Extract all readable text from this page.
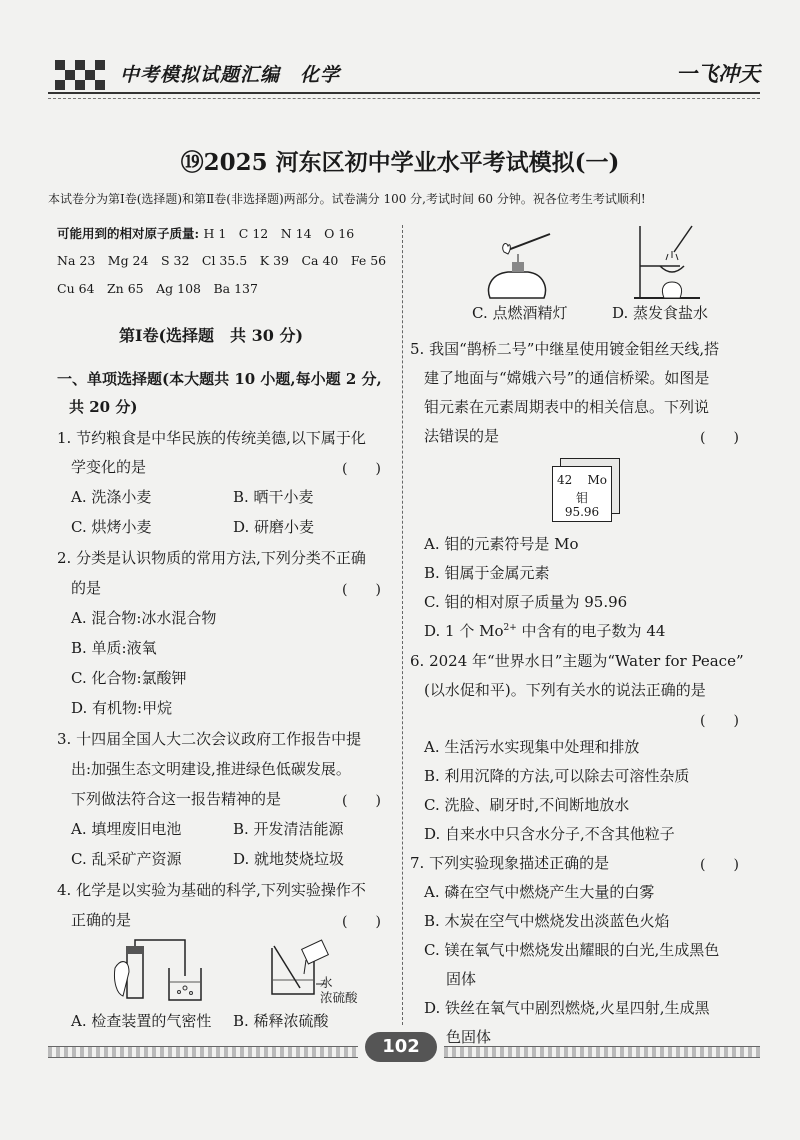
中考模拟试题汇编　化学	一飞冲天
⑲2025 河东区初中学业水平考试模拟(一)
本试卷分为第Ⅰ卷(选择题)和第Ⅱ卷(非选择题)两部分。试卷满分 100 分,考试时间 60 分钟。祝各位考生考试顺利!
可能用到的相对原子质量: H 1　C 12　N 14　O 16
Na 23　Mg 24　S 32　Cl 35.5　K 39　Ca 40　Fe 56
Cu 64　Zn 65　Ag 108　Ba 137
第Ⅰ卷(选择题　共 30 分)
一、单项选择题(本大题共 10 小题,每小题 2 分,
共 20 分)
1. 节约粮食是中华民族的传统美德,以下属于化
学变化的是	(　　)
A. 洗涤小麦	B. 晒干小麦
C. 烘烤小麦	D. 研磨小麦
2. 分类是认识物质的常用方法,下列分类不正确
的是	(　　)
A. 混合物:冰水混合物
B. 单质:液氧
C. 化合物:氯酸钾
D. 有机物:甲烷
3. 十四届全国人大二次会议政府工作报告中提
出:加强生态文明建设,推进绿色低碳发展。
下列做法符合这一报告精神的是	(　　)
A. 填埋废旧电池	B. 开发清洁能源
C. 乱采矿产资源	D. 就地焚烧垃圾
4. 化学是以实验为基础的科学,下列实验操作不
正确的是	(　　)
A. 检查装置的气密性
水
浓硫酸
B. 稀释浓硫酸
C. 点燃酒精灯	D. 蒸发食盐水
5. 我国“鹊桥二号”中继星使用镀金钼丝天线,搭
建了地面与“嫦娥六号”的通信桥梁。如图是
钼元素在元素周期表中的相关信息。下列说
法错误的是	(　　)
42 Mo
钼
95.96
A. 钼的元素符号是 Mo
B. 钼属于金属元素
C. 钼的相对原子质量为 95.96
D. 1 个 $Mo^{2+}$ 中含有的电子数为 44
6. 2024 年“世界水日”主题为“Water for Peace”
(以水促和平)。下列有关水的说法正确的是
(　　)
A. 生活污水实现集中处理和排放
B. 利用沉降的方法,可以除去可溶性杂质
C. 洗脸、刷牙时,不间断地放水
D. 自来水中只含水分子,不含其他粒子
7. 下列实验现象描述正确的是	(　　)
A. 磷在空气中燃烧产生大量的白雾
B. 木炭在空气中燃烧发出淡蓝色火焰
C. 镁在氧气中燃烧发出耀眼的白光,生成黑色
固体
D. 铁丝在氧气中剧烈燃烧,火星四射,生成黑
色固体
102
